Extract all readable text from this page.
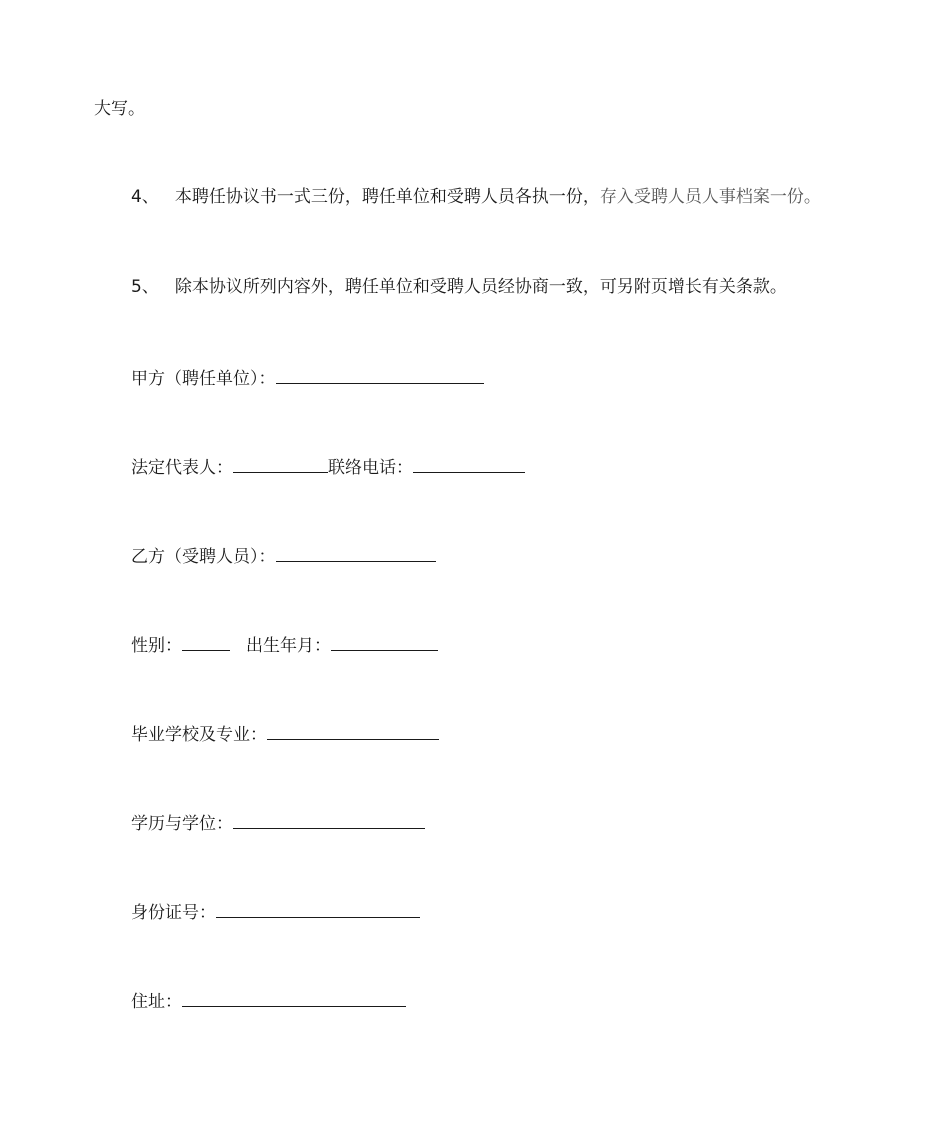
大写。
4、 本聘任协议书一式三份，聘任单位和受聘人员各执一份，存入受聘人员人事档案一份。
5、 除本协议所列内容外，聘任单位和受聘人员经协商一致，可另附页增长有关条款。
甲方（聘任单位）：
法定代表人：	联络电话：
乙方（受聘人员）：
性别：	出生年月：
毕业学校及专业：
学历与学位：
身份证号：
住址：
